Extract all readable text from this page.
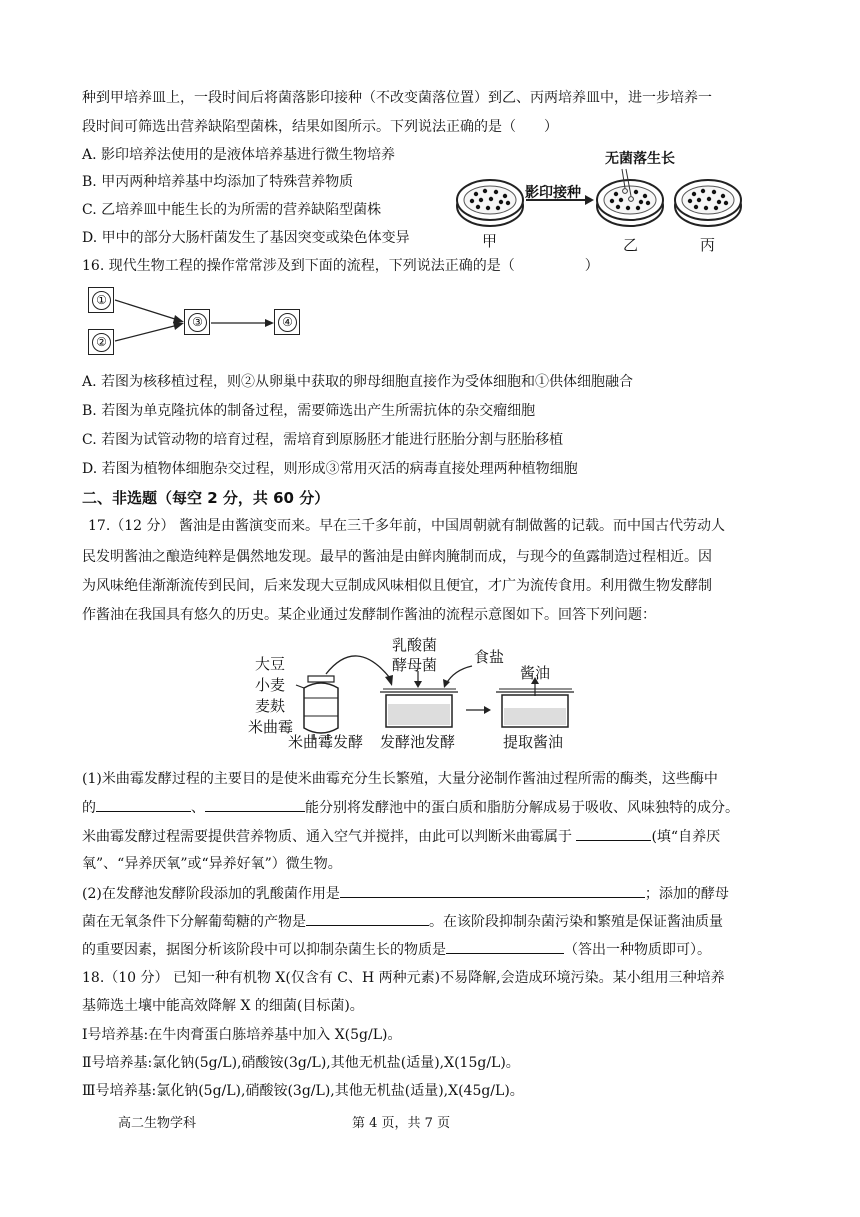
种到甲培养皿上，一段时间后将菌落影印接种（不改变菌落位置）到乙、丙两培养皿中，进一步培养一
段时间可筛选出营养缺陷型菌株，结果如图所示。下列说法正确的是（　　）
A. 影印培养法使用的是液体培养基进行微生物培养
B. 甲丙两种培养基中均添加了特殊营养物质
C. 乙培养皿中能生长的为所需的营养缺陷型菌株
D. 甲中的部分大肠杆菌发生了基因突变或染色体变异
无菌落生长
影印接种
甲	乙	丙
16. 现代生物工程的操作常常涉及到下面的流程，下列说法正确的是（　　　　　）
①
②
③	④
A. 若图为核移植过程，则②从卵巢中获取的卵母细胞直接作为受体细胞和①供体细胞融合
B. 若图为单克隆抗体的制备过程，需要筛选出产生所需抗体的杂交瘤细胞
C. 若图为试管动物的培育过程，需培育到原肠胚才能进行胚胎分割与胚胎移植
D. 若图为植物体细胞杂交过程，则形成③常用灭活的病毒直接处理两种植物细胞
二、非选题（每空 2 分，共 60 分）
17.（12 分） 酱油是由酱演变而来。早在三千多年前，中国周朝就有制做酱的记载。而中国古代劳动人
民发明酱油之酿造纯粹是偶然地发现。最早的酱油是由鲜肉腌制而成，与现今的鱼露制造过程相近。因
为风味绝佳渐渐流传到民间，后来发现大豆制成风味相似且便宜，才广为流传食用。利用微生物发酵制
作酱油在我国具有悠久的历史。某企业通过发酵制作酱油的流程示意图如下。回答下列问题：
大豆
小麦
麦麸
米曲霉
乳酸菌
酵母菌 食盐
酱油
米曲霉发酵 发酵池发酵	提取酱油
(1)米曲霉发酵过程的主要目的是使米曲霉充分生长繁殖，大量分泌制作酱油过程所需的酶类，这些酶中
的	、	能分别将发酵池中的蛋白质和脂肪分解成易于吸收、风味独特的成分。
米曲霉发酵过程需要提供营养物质、通入空气并搅拌，由此可以判断米曲霉属于	(填“自养厌
氧”、“异养厌氧”或“异养好氧”）微生物。
(2)在发酵池发酵阶段添加的乳酸菌作用是	；添加的酵母
菌在无氧条件下分解葡萄糖的产物是	。在该阶段抑制杂菌污染和繁殖是保证酱油质量
的重要因素，据图分析该阶段中可以抑制杂菌生长的物质是	（答出一种物质即可）。
18.（10 分） 已知一种有机物 X(仅含有 C、H 两种元素)不易降解,会造成环境污染。某小组用三种培养
基筛选土壤中能高效降解 X 的细菌(目标菌)。
Ⅰ号培养基:在牛肉膏蛋白胨培养基中加入 X(5g/L)。
Ⅱ号培养基:氯化钠(5g/L),硝酸铵(3g/L),其他无机盐(适量),X(15g/L)。
Ⅲ号培养基:氯化钠(5g/L),硝酸铵(3g/L),其他无机盐(适量),X(45g/L)。
高二生物学科	第 4 页，共 7 页
